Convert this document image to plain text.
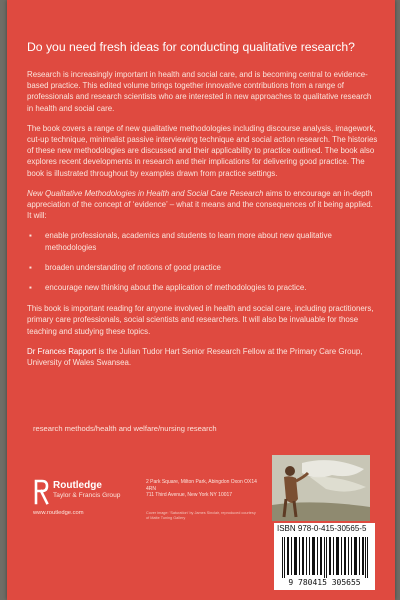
Do you need fresh ideas for conducting qualitative research?

Research is increasingly important in health and social care, and is becoming central to evidence-based practice. This edited volume brings together innovative contributions from a range of professionals and research scientists who are interested in new approaches to qualitative research in health and social care.

The book covers a range of new qualitative methodologies including discourse analysis, imagework, cut-up technique, minimalist passive interviewing technique and social action research. The histories of these new methodologies are discussed and their applicability to practice outlined. The book also explores recent developments in research and their implications for delivering good practice. The book is illustrated throughout by examples drawn from practice settings.

New Qualitative Methodologies in Health and Social Care Research aims to encourage an in-depth appreciation of the concept of ‘evidence’ – what it means and the consequences of it being applied. It will:

▪ enable professionals, academics and students to learn more about new qualitative methodologies
▪ broaden understanding of notions of good practice
▪ encourage new thinking about the application of methodologies to practice.

This book is important reading for anyone involved in health and social care, including practitioners, primary care professionals, social scientists and researchers. It will also be invaluable for those teaching and studying these topics.

Dr Frances Rapport is the Julian Tudor Hart Senior Research Fellow at the Primary Care Group, University of Wales Swansea.

research methods/health and welfare/nursing research
Routledge
Taylor & Francis Group
www.routledge.com
2 Park Square, Milton Park, Abingdon Oxon OX14 4RN
711 Third Avenue, New York NY 10017
Cover image: 'Saturation' by James Sinclair, reproduced courtesy of Matte Tuning Gallery
ISBN 978-0-415-30565-5
9 780415 305655
